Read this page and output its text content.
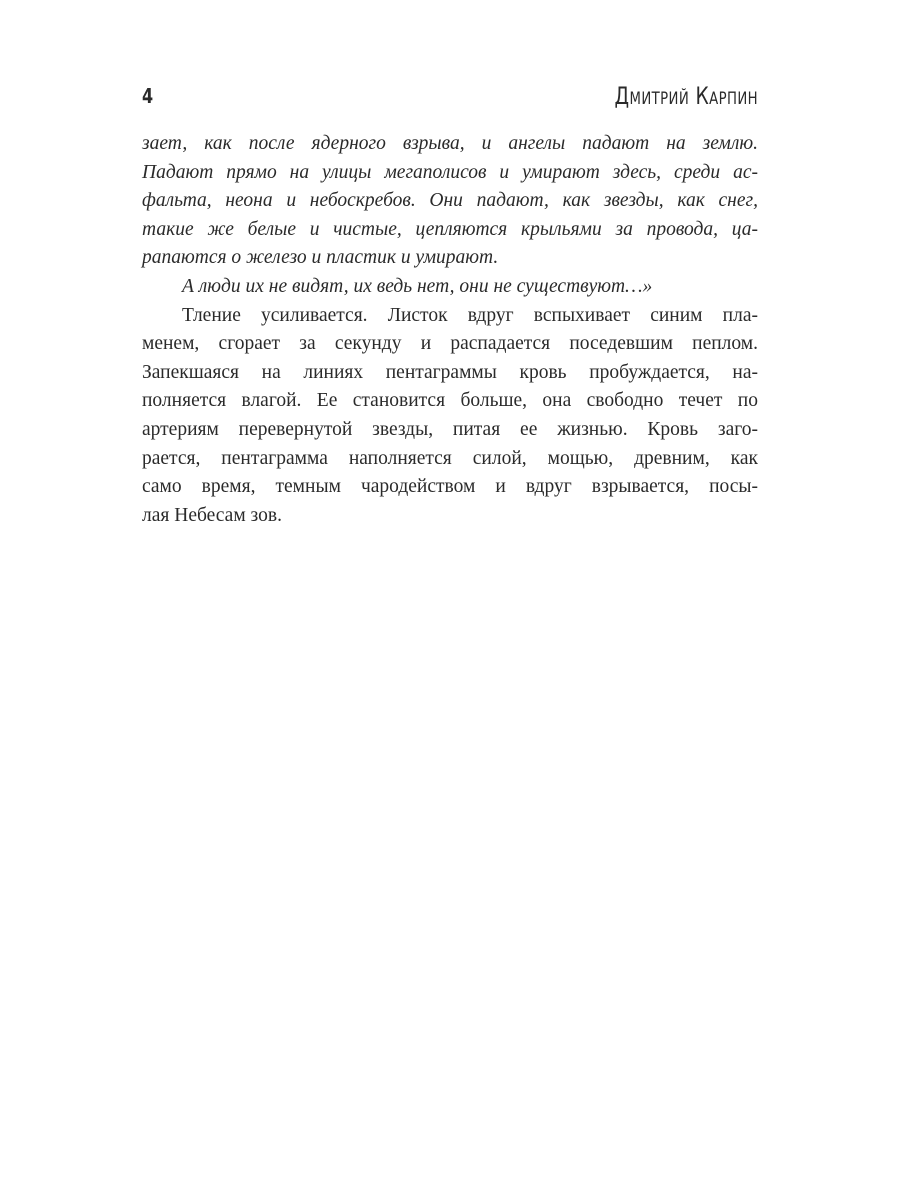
4	Дмитрий Карпин
зает, как после ядерного взрыва, и ангелы падают на землю.
Падают прямо на улицы мегаполисов и умирают здесь, среди ас-
фальта, неона и небоскребов. Они падают, как звезды, как снег,
такие же белые и чистые, цепляются крыльями за провода, ца-
рапаются о железо и пластик и умирают.
А люди их не видят, их ведь нет, они не существуют…»
Тление усиливается. Листок вдруг вспыхивает синим пла-
менем, сгорает за секунду и распадается поседевшим пеплом.
Запекшаяся на линиях пентаграммы кровь пробуждается, на-
полняется влагой. Ее становится больше, она свободно течет по
артериям перевернутой звезды, питая ее жизнью. Кровь заго-
рается, пентаграмма наполняется силой, мощью, древним, как
само время, темным чародейством и вдруг взрывается, посы-
лая Небесам зов.
